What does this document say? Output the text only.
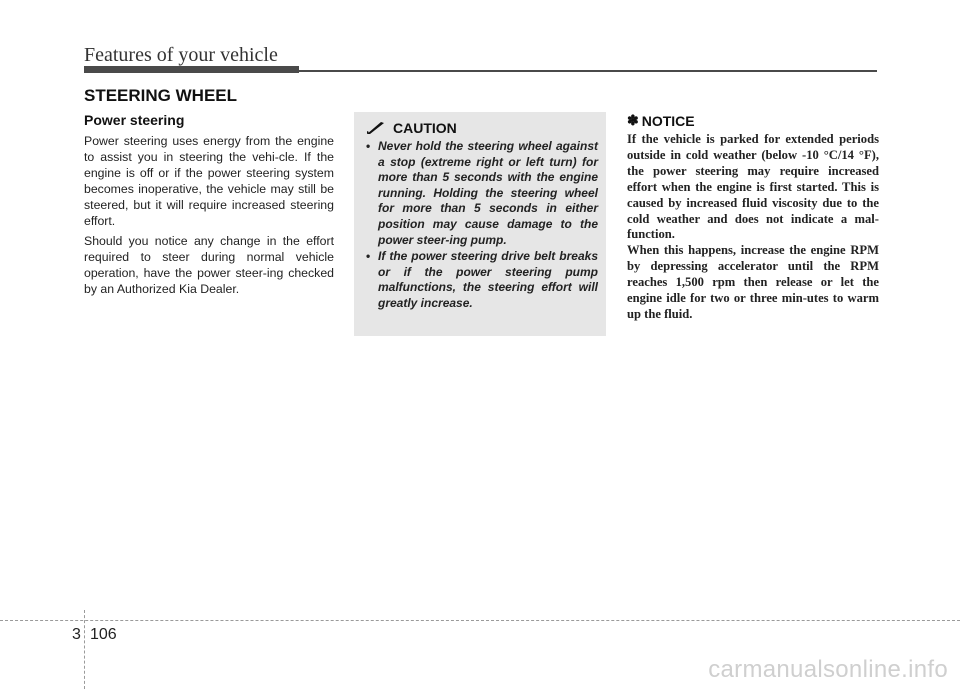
Features of your vehicle
STEERING WHEEL
Power steering

Power steering uses energy from the engine to assist you in steering the vehi-cle. If the engine is off or if the power steering system becomes inoperative, the vehicle may still be steered, but it will require increased steering effort.

Should you notice any change in the effort required to steer during normal vehicle operation, have the power steer-ing checked by an Authorized Kia Dealer.

CAUTION
• Never hold the steering wheel against a stop (extreme right or left turn) for more than 5 seconds with the engine running. Holding the steering wheel for more than 5 seconds in either position may cause damage to the power steer-ing pump.
• If the power steering drive belt breaks or if the power steering pump malfunctions, the steering effort will greatly increase.
✽ NOTICE

If the vehicle is parked for extended periods outside in cold weather (below -10 °C/14 °F), the power steering may require increased effort when the engine is first started. This is caused by increased fluid viscosity due to the cold weather and does not indicate a mal-function.

When this happens, increase the engine RPM by depressing accelerator until the RPM reaches 1,500 rpm then release or let the engine idle for two or three min-utes to warm up the fluid.

3 106
carmanualsonline.info
